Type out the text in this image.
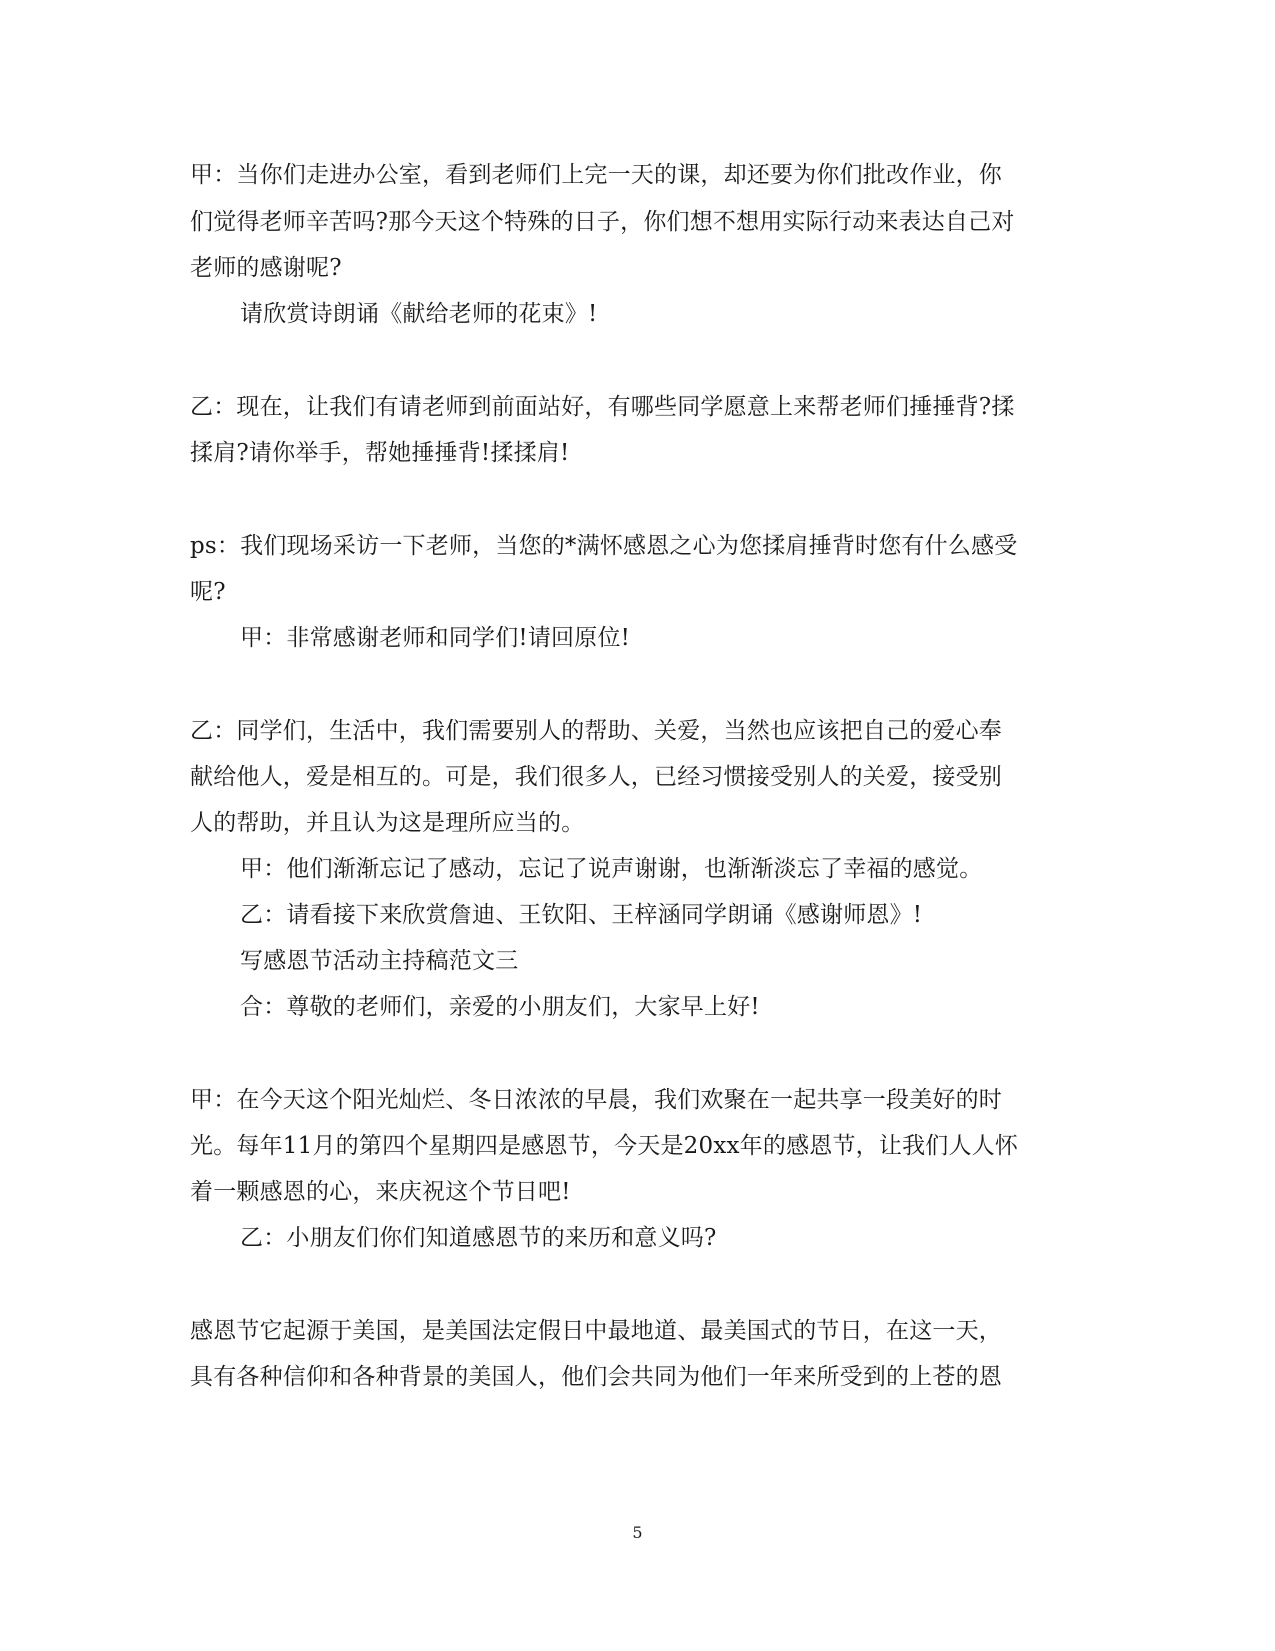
甲：当你们走进办公室，看到老师们上完一天的课，却还要为你们批改作业，你
们觉得老师辛苦吗?那今天这个特殊的日子，你们想不想用实际行动来表达自己对
老师的感谢呢?
请欣赏诗朗诵《献给老师的花束》!
乙：现在，让我们有请老师到前面站好，有哪些同学愿意上来帮老师们捶捶背?揉
揉肩?请你举手，帮她捶捶背!揉揉肩!
ps：我们现场采访一下老师，当您的*满怀感恩之心为您揉肩捶背时您有什么感受
呢?
甲：非常感谢老师和同学们!请回原位!
乙：同学们，生活中，我们需要别人的帮助、关爱，当然也应该把自己的爱心奉
献给他人，爱是相互的。可是，我们很多人，已经习惯接受别人的关爱，接受别
人的帮助，并且认为这是理所应当的。
甲：他们渐渐忘记了感动，忘记了说声谢谢，也渐渐淡忘了幸福的感觉。
乙：请看接下来欣赏詹迪、王钦阳、王梓涵同学朗诵《感谢师恩》!
写感恩节活动主持稿范文三
合：尊敬的老师们，亲爱的小朋友们，大家早上好!
甲：在今天这个阳光灿烂、冬日浓浓的早晨，我们欢聚在一起共享一段美好的时
光。每年11月的第四个星期四是感恩节，今天是20xx年的感恩节，让我们人人怀
着一颗感恩的心，来庆祝这个节日吧!
乙：小朋友们你们知道感恩节的来历和意义吗?
感恩节它起源于美国，是美国法定假日中最地道、最美国式的节日，在这一天，
具有各种信仰和各种背景的美国人，他们会共同为他们一年来所受到的上苍的恩
5
